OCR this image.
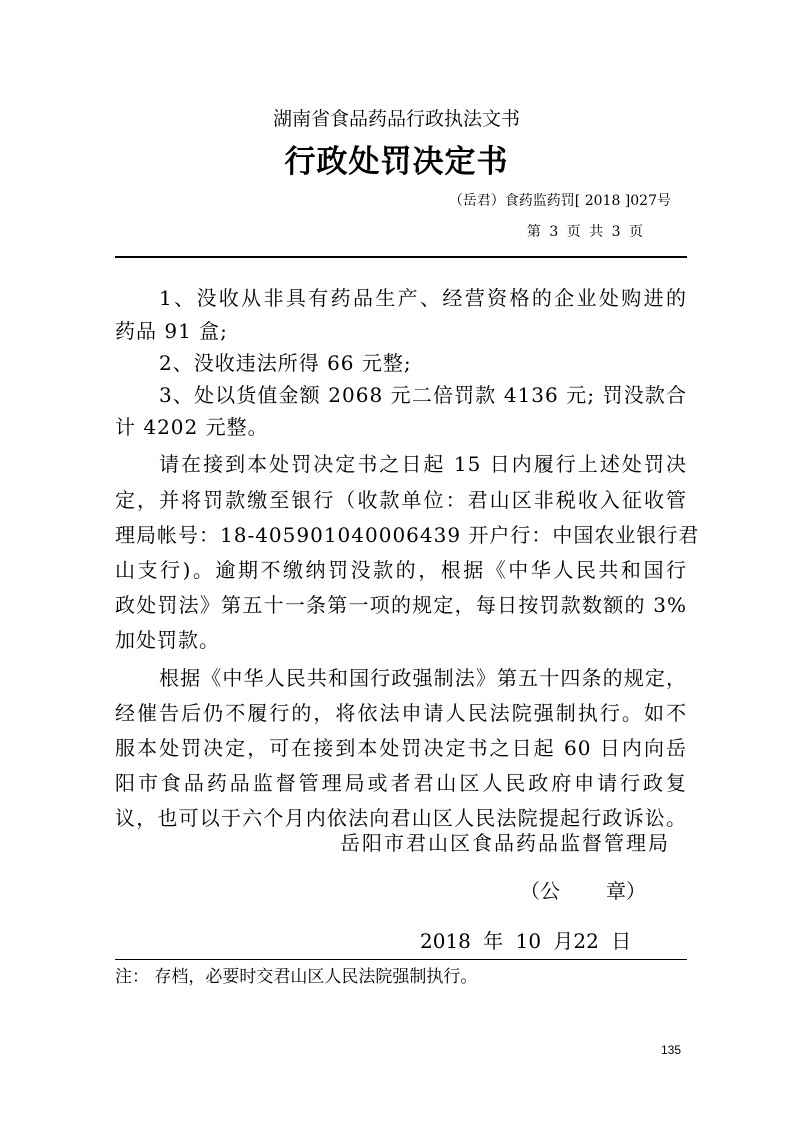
湖南省食品药品行政执法文书
行政处罚决定书
（岳君）食药监药罚[ 2018 ]027号
第 3 页 共 3 页
1、没收从非具有药品生产、经营资格的企业处购进的
药品 91 盒;
2、没收违法所得 66 元整;
3、处以货值金额 2068 元二倍罚款 4136 元; 罚没款合
计 4202 元整。
请在接到本处罚决定书之日起 15 日内履行上述处罚决
定，并将罚款缴至银行（收款单位：君山区非税收入征收管
理局帐号：18-405901040006439 开户行：中国农业银行君
山支行)。逾期不缴纳罚没款的，根据《中华人民共和国行
政处罚法》第五十一条第一项的规定，每日按罚款数额的 3%
加处罚款。
根据《中华人民共和国行政强制法》第五十四条的规定，
经催告后仍不履行的，将依法申请人民法院强制执行。如不
服本处罚决定，可在接到本处罚决定书之日起 60 日内向岳
阳市食品药品监督管理局或者君山区人民政府申请行政复
议，也可以于六个月内依法向君山区人民法院提起行政诉讼。
岳阳市君山区食品药品监督管理局
（公 章）
2018 年 10 月22 日
注： 存档，必要时交君山区人民法院强制执行。
135
